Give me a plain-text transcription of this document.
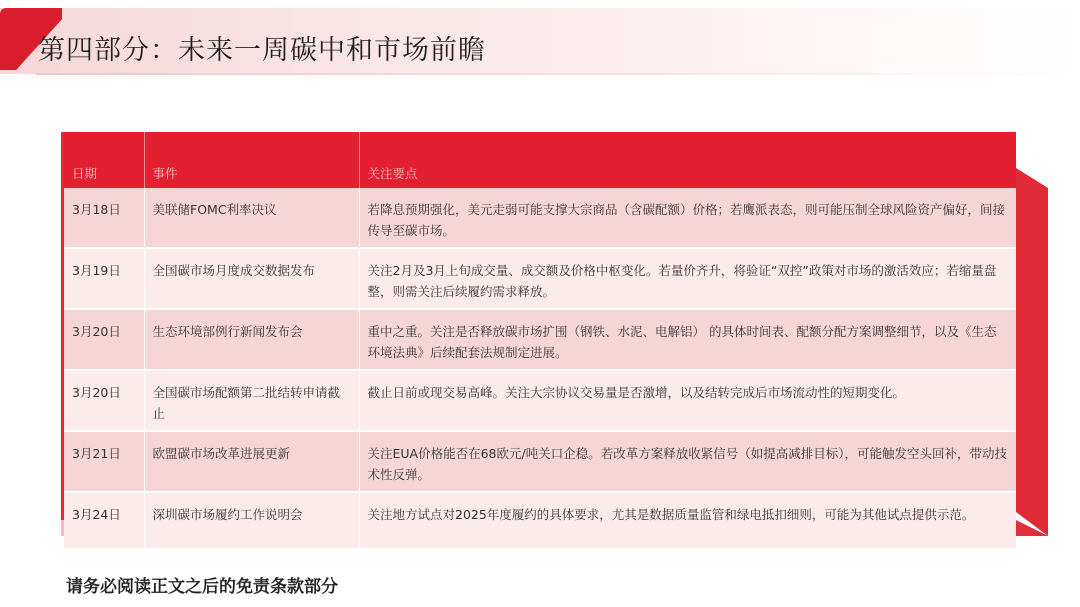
第四部分：未来一周碳中和市场前瞻
日期	事件	关注要点
3月18日	美联储FOMC利率决议	若降息预期强化，美元走弱可能支撑大宗商品（含碳配额）价格；若鹰派表态，则可能压制全球风险资产偏好，间接传导至碳市场。
3月19日	全国碳市场月度成交数据发布	关注2月及3月上旬成交量、成交额及价格中枢变化。若量价齐升，将验证“双控”政策对市场的激活效应；若缩量盘整，则需关注后续履约需求释放。
3月20日	生态环境部例行新闻发布会	重中之重。关注是否释放碳市场扩围（钢铁、水泥、电解铝） 的具体时间表、配额分配方案调整细节，以及《生态环境法典》后续配套法规制定进展。
3月20日	全国碳市场配额第二批结转申请截止	截止日前或现交易高峰。关注大宗协议交易量是否激增，以及结转完成后市场流动性的短期变化。
3月21日	欧盟碳市场改革进展更新	关注EUA价格能否在68欧元/吨关口企稳。若改革方案释放收紧信号（如提高减排目标），可能触发空头回补，带动技术性反弹。
3月24日	深圳碳市场履约工作说明会	关注地方试点对2025年度履约的具体要求，尤其是数据质量监管和绿电抵扣细则，可能为其他试点提供示范。
请务必阅读正文之后的免责条款部分
